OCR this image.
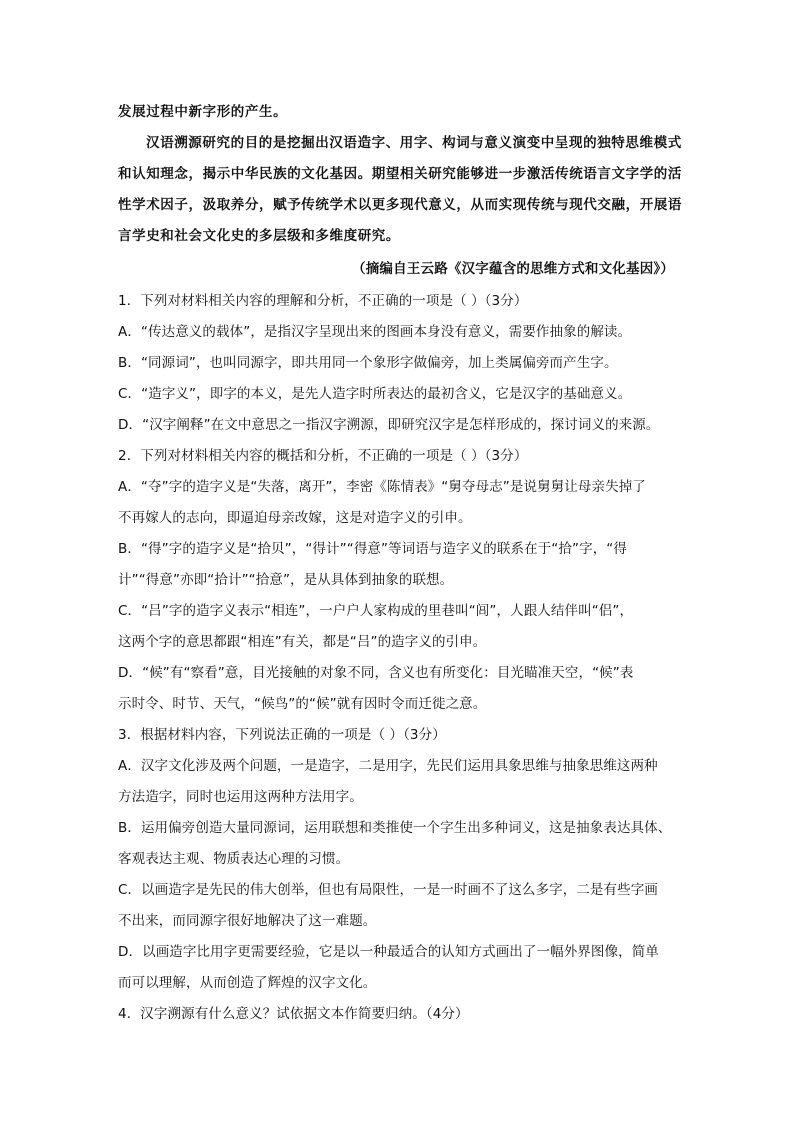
发展过程中新字形的产生。
汉语溯源研究的目的是挖掘出汉语造字、用字、构词与意义演变中呈现的独特思维模式
和认知理念，揭示中华民族的文化基因。期望相关研究能够进一步激活传统语言文字学的活
性学术因子，汲取养分，赋予传统学术以更多现代意义，从而实现传统与现代交融，开展语
言学史和社会文化史的多层级和多维度研究。
（摘编自王云路《汉字蕴含的思维方式和文化基因》）
1．下列对材料相关内容的理解和分析，不正确的一项是（ ）（3分）
A．“传达意义的载体”，是指汉字呈现出来的图画本身没有意义，需要作抽象的解读。
B．“同源词”，也叫同源字，即共用同一个象形字做偏旁，加上类属偏旁而产生字。
C．“造字义”，即字的本义，是先人造字时所表达的最初含义，它是汉字的基础意义。
D．“汉字阐释”在文中意思之一指汉字溯源，即研究汉字是怎样形成的，探讨词义的来源。
2．下列对材料相关内容的概括和分析，不正确的一项是（ ）（3分）
A．“夺”字的造字义是“失落，离开”，李密《陈情表》“舅夺母志”是说舅舅让母亲失掉了
不再嫁人的志向，即逼迫母亲改嫁，这是对造字义的引申。
B．“得”字的造字义是“拾贝”，“得计”“得意”等词语与造字义的联系在于“拾”字，“得
计”“得意”亦即“拾计”“拾意”，是从具体到抽象的联想。
C．“吕”字的造字义表示“相连”，一户户人家构成的里巷叫“闾”，人跟人结伴叫“侣”，
这两个字的意思都跟“相连”有关，都是“吕”的造字义的引申。
D．“候”有“察看”意，目光接触的对象不同，含义也有所变化：目光瞄准天空，“候”表
示时令、时节、天气，“候鸟”的“候”就有因时令而迁徙之意。
3．根据材料内容，下列说法正确的一项是（ ）（3分）
A．汉字文化涉及两个问题，一是造字，二是用字，先民们运用具象思维与抽象思维这两种
方法造字，同时也运用这两种方法用字。
B．运用偏旁创造大量同源词，运用联想和类推使一个字生出多种词义，这是抽象表达具体、
客观表达主观、物质表达心理的习惯。
C．以画造字是先民的伟大创举，但也有局限性，一是一时画不了这么多字，二是有些字画
不出来，而同源字很好地解决了这一难题。
D．以画造字比用字更需要经验，它是以一种最适合的认知方式画出了一幅外界图像，简单
而可以理解，从而创造了辉煌的汉字文化。
4．汉字溯源有什么意义？试依据文本作简要归纳。（4分）
